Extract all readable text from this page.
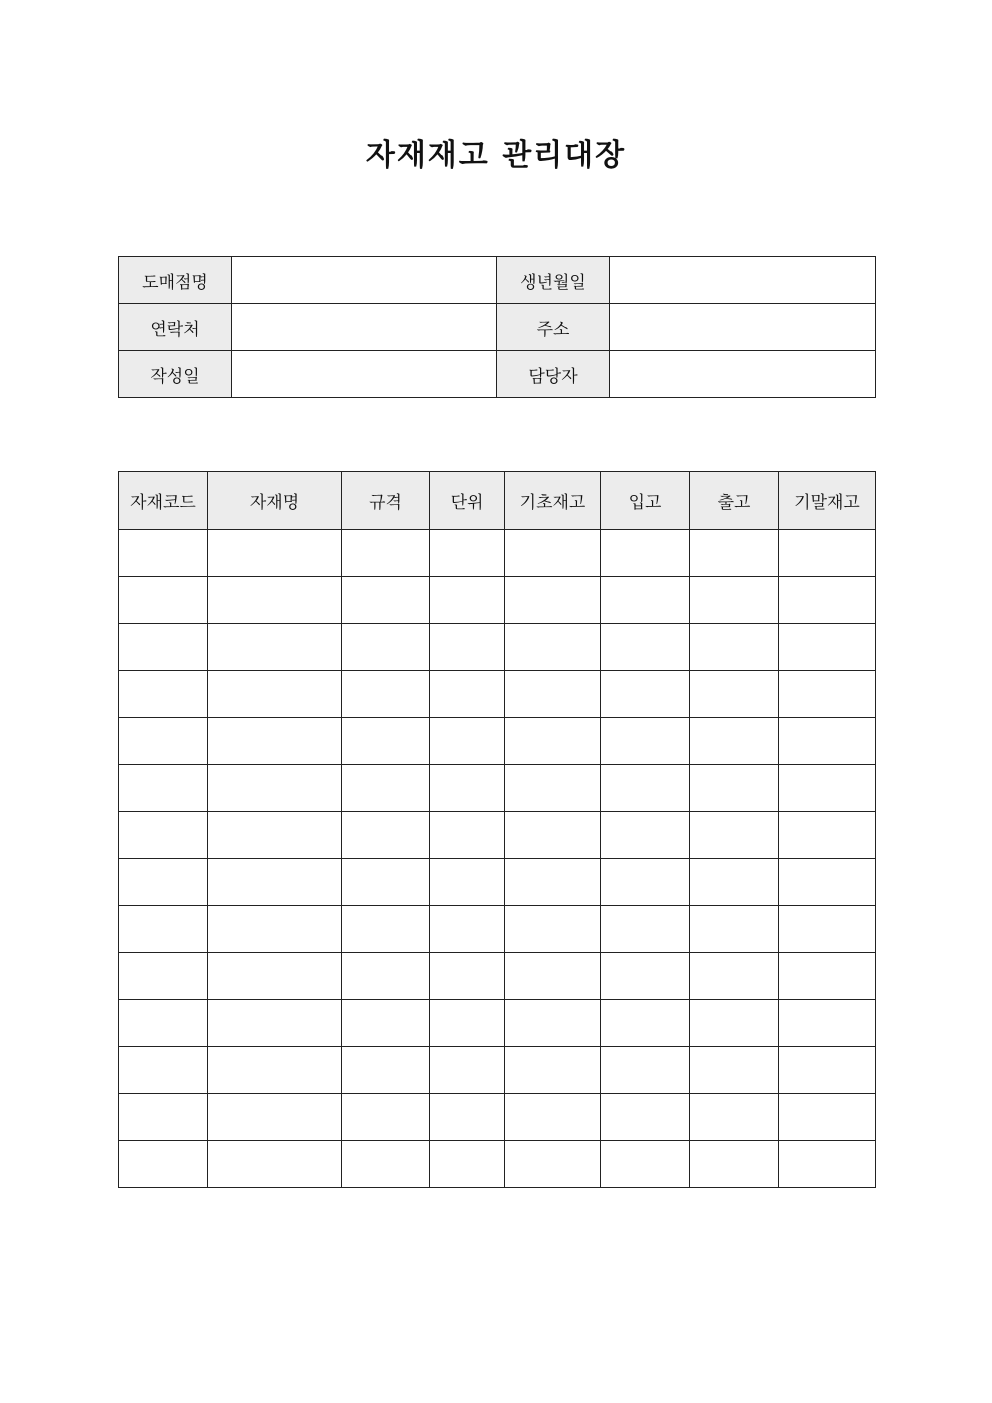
자재재고 관리대장
도매점명		생년월일	
연락처		주소	
작성일		담당자	
자재코드	자재명	규격	단위	기초재고	입고	출고	기말재고
